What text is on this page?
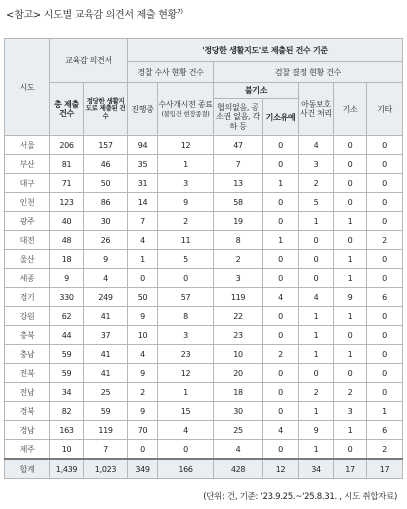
<참고> 시도별 교육감 의견서 제출 현황$^{7)}$
시도	교육감 의견서		'정당한 생활지도'로 제출된 건수 기준						
			경찰 수사 현황 건수		검찰 결정 현황 건수				
	총 제출 건수	정당한 생활지도로 제출된 건수	진행중	수사개시전 종료
(불입건 현장종결)	불기소		아동보호 사건 처리	기소	기타
					협의없음, 공소권 없음, 각하 등	기소유예			
서울	206	157	94	12	47	0	4	0	0
부산	81	46	35	1	7	0	3	0	0
대구	71	50	31	3	13	1	2	0	0
인천	123	86	14	9	58	0	5	0	0
광주	40	30	7	2	19	0	1	1	0
대전	48	26	4	11	8	1	0	0	2
울산	18	9	1	5	2	0	0	1	0
세종	9	4	0	0	3	0	0	1	0
경기	330	249	50	57	119	4	4	9	6
강원	62	41	9	8	22	0	1	1	0
충북	44	37	10	3	23	0	1	0	0
충남	59	41	4	23	10	2	1	1	0
전북	59	41	9	12	20	0	0	0	0
전남	34	25	2	1	18	0	2	2	0
경북	82	59	9	15	30	0	1	3	1
경남	163	119	70	4	25	4	9	1	6
제주	10	7	0	0	4	0	1	0	2
합계	1,439	1,023	349	166	428	12	34	17	17
(단위: 건, 기준: '23.9.25.~'25.8.31. , 시도 취합자료)
